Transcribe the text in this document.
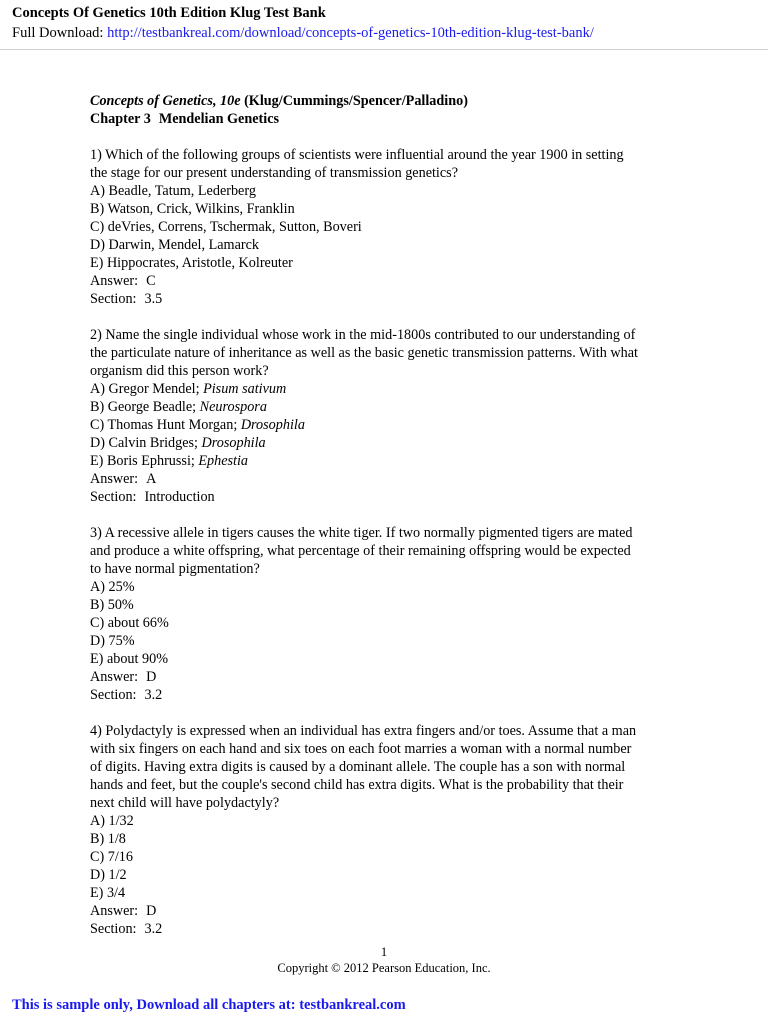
Concepts Of Genetics 10th Edition Klug Test Bank
Full Download: http://testbankreal.com/download/concepts-of-genetics-10th-edition-klug-test-bank/
Concepts of Genetics, 10e (Klug/Cummings/Spencer/Palladino)
Chapter 3 Mendelian Genetics
1) Which of the following groups of scientists were influential around the year 1900 in setting
the stage for our present understanding of transmission genetics?
A) Beadle, Tatum, Lederberg
B) Watson, Crick, Wilkins, Franklin
C) deVries, Correns, Tschermak, Sutton, Boveri
D) Darwin, Mendel, Lamarck
E) Hippocrates, Aristotle, Kolreuter
Answer: C
Section: 3.5
2) Name the single individual whose work in the mid-1800s contributed to our understanding of
the particulate nature of inheritance as well as the basic genetic transmission patterns. With what
organism did this person work?
A) Gregor Mendel; Pisum sativum
B) George Beadle; Neurospora
C) Thomas Hunt Morgan; Drosophila
D) Calvin Bridges; Drosophila
E) Boris Ephrussi; Ephestia
Answer: A
Section: Introduction
3) A recessive allele in tigers causes the white tiger. If two normally pigmented tigers are mated
and produce a white offspring, what percentage of their remaining offspring would be expected
to have normal pigmentation?
A) 25%
B) 50%
C) about 66%
D) 75%
E) about 90%
Answer: D
Section: 3.2
4) Polydactyly is expressed when an individual has extra fingers and/or toes. Assume that a man
with six fingers on each hand and six toes on each foot marries a woman with a normal number
of digits. Having extra digits is caused by a dominant allele. The couple has a son with normal
hands and feet, but the couple's second child has extra digits. What is the probability that their
next child will have polydactyly?
A) 1/32
B) 1/8
C) 7/16
D) 1/2
E) 3/4
Answer: D
Section: 3.2
1
Copyright © 2012 Pearson Education, Inc.
This is sample only, Download all chapters at: testbankreal.com
